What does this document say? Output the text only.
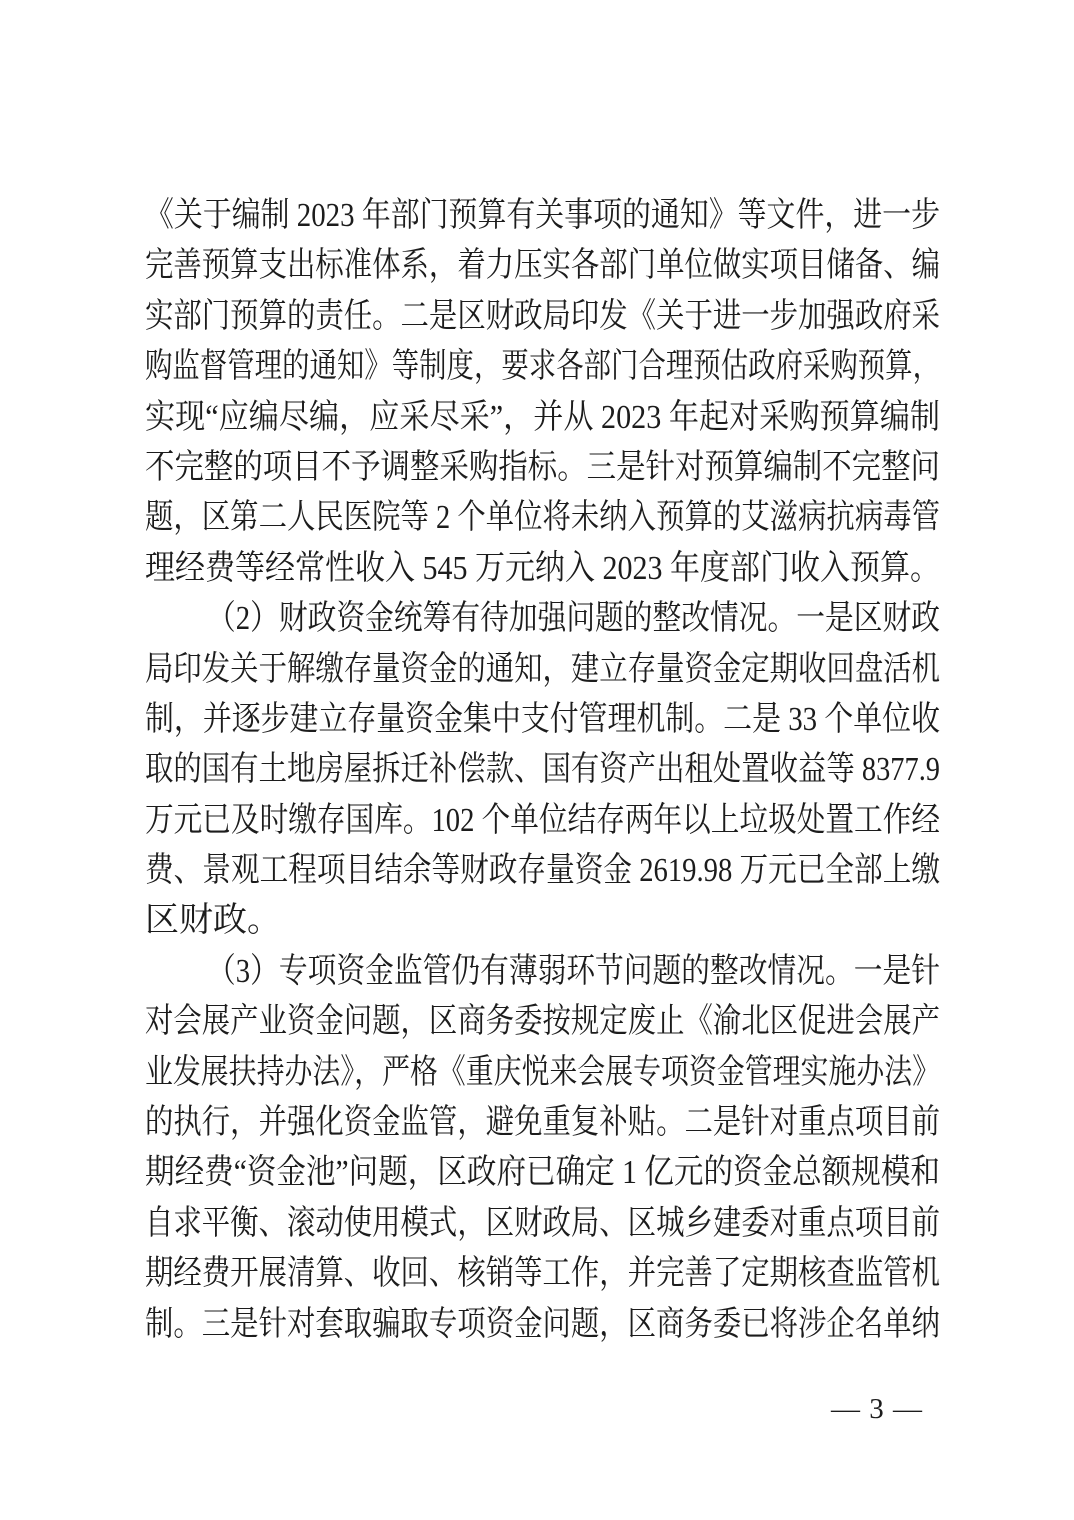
《关于编制 2023 年部门预算有关事项的通知》等文件，进一步
完善预算支出标准体系，着力压实各部门单位做实项目储备、编
实部门预算的责任。二是区财政局印发《关于进一步加强政府采
购监督管理的通知》等制度，要求各部门合理预估政府采购预算，
实现“应编尽编，应采尽采”，并从 2023 年起对采购预算编制
不完整的项目不予调整采购指标。三是针对预算编制不完整问
题，区第二人民医院等 2 个单位将未纳入预算的艾滋病抗病毒管
理经费等经常性收入 545 万元纳入 2023 年度部门收入预算。
（2）财政资金统筹有待加强问题的整改情况。一是区财政
局印发关于解缴存量资金的通知，建立存量资金定期收回盘活机
制，并逐步建立存量资金集中支付管理机制。二是 33 个单位收
取的国有土地房屋拆迁补偿款、国有资产出租处置收益等 8377.9
万元已及时缴存国库。102 个单位结存两年以上垃圾处置工作经
费、景观工程项目结余等财政存量资金 2619.98 万元已全部上缴
区财政。
（3）专项资金监管仍有薄弱环节问题的整改情况。一是针
对会展产业资金问题，区商务委按规定废止《渝北区促进会展产
业发展扶持办法》，严格《重庆悦来会展专项资金管理实施办法》
的执行，并强化资金监管，避免重复补贴。二是针对重点项目前
期经费“资金池”问题，区政府已确定 1 亿元的资金总额规模和
自求平衡、滚动使用模式，区财政局、区城乡建委对重点项目前
期经费开展清算、收回、核销等工作，并完善了定期核查监管机
制。三是针对套取骗取专项资金问题，区商务委已将涉企名单纳
— 3 —
